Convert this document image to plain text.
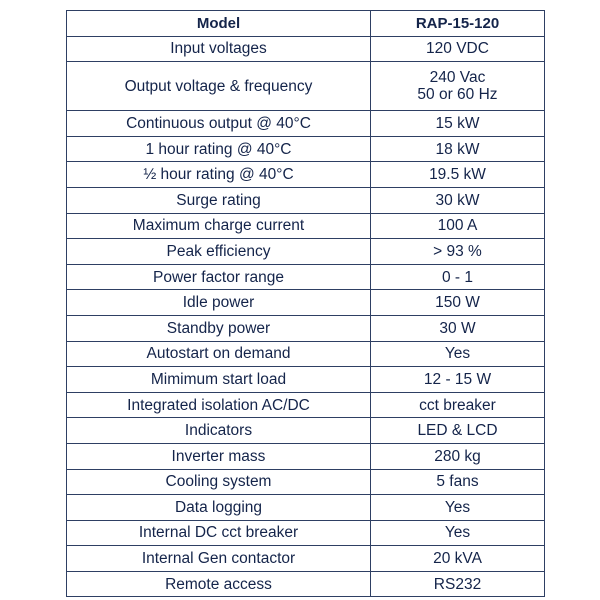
Model	RAP-15-120
Input voltages	120 VDC

Output voltage & frequency	240 Vac
50 or 60 Hz

Continuous output @ 40°C	15 kW

1 hour rating @ 40°C	18 kW

½ hour rating @ 40°C	19.5 kW

Surge rating	30 kW

Maximum charge current	100 A

Peak efficiency	> 93 %

Power factor range	0 - 1

Idle power	150 W

Standby power	30 W

Autostart on demand	Yes

Mimimum start load	12 - 15 W

Integrated isolation AC/DC	cct breaker

Indicators	LED & LCD

Inverter mass	280 kg

Cooling system	5 fans

Data logging	Yes

Internal DC cct breaker	Yes

Internal Gen contactor	20 kVA

Remote access	RS232
